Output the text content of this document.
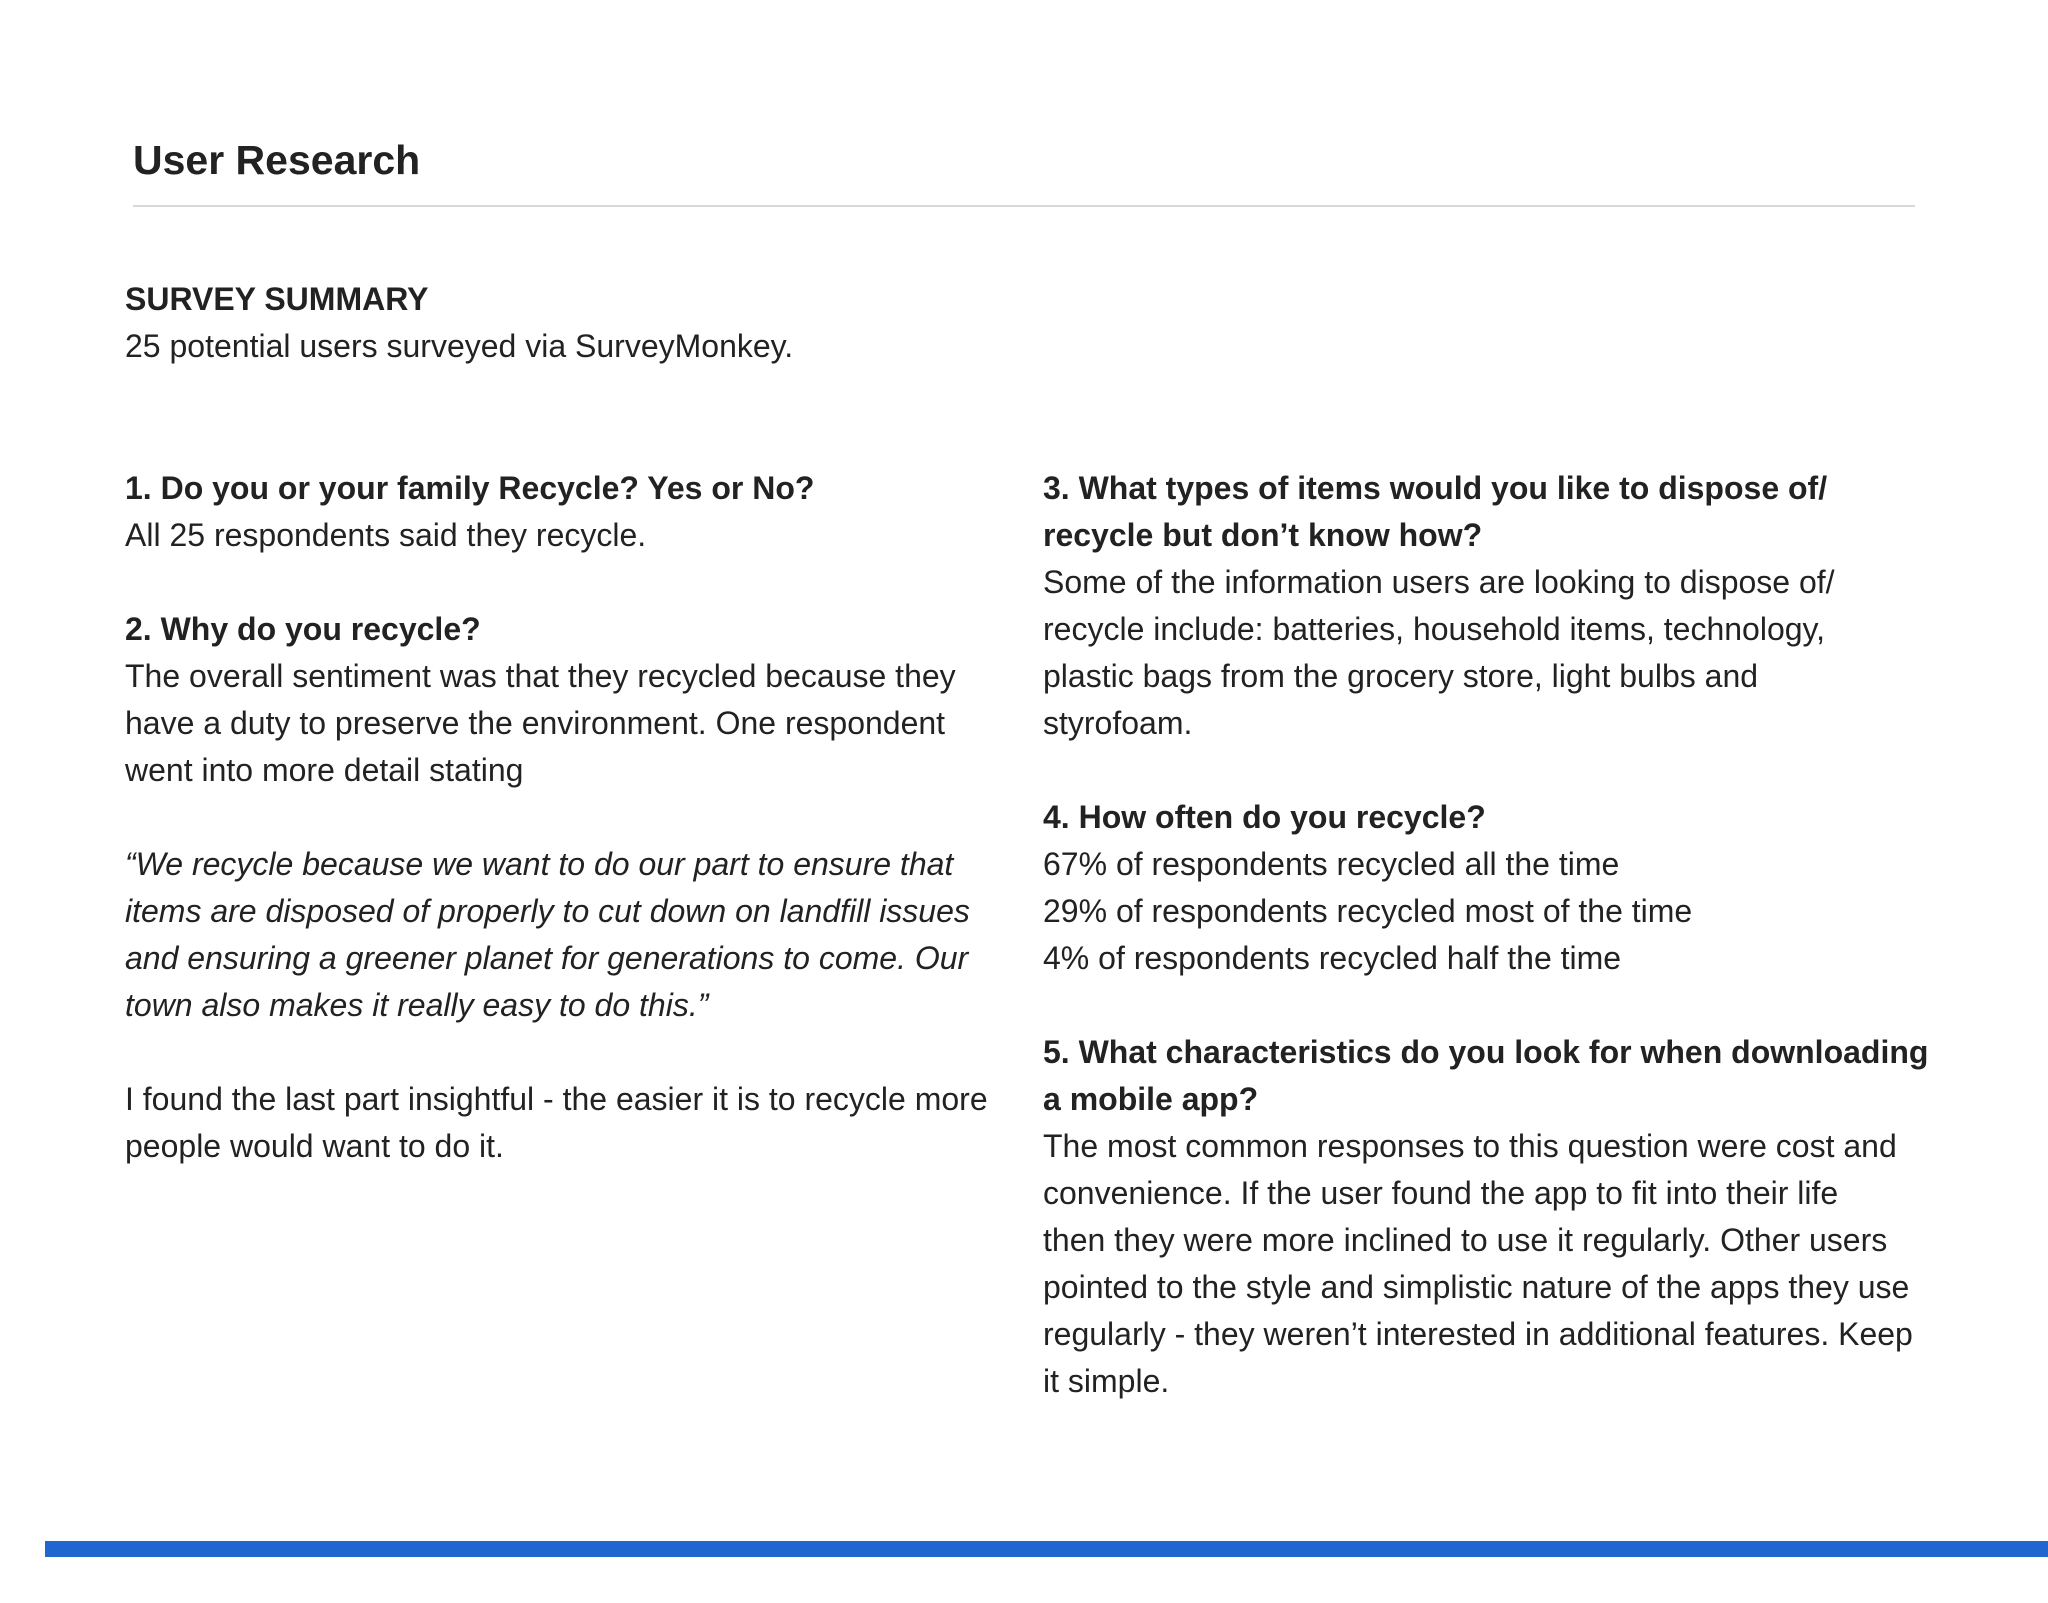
User Research

SURVEY SUMMARY

25 potential users surveyed via SurveyMonkey.

1. Do you or your family Recycle? Yes or No?

All 25 respondents said they recycle.

2. Why do you recycle?

The overall sentiment was that they recycled because they

have a duty to preserve the environment. One respondent

went into more detail stating

“We recycle because we want to do our part to ensure that

items are disposed of properly to cut down on landfill issues

and ensuring a greener planet for generations to come. Our

town also makes it really easy to do this.”

I found the last part insightful - the easier it is to recycle more

people would want to do it.

3. What types of items would you like to dispose of/

recycle but don’t know how?

Some of the information users are looking to dispose of/

recycle include: batteries, household items, technology,

plastic bags from the grocery store, light bulbs and

styrofoam.

4. How often do you recycle?

67% of respondents recycled all the time

29% of respondents recycled most of the time

4% of respondents recycled half the time

5. What characteristics do you look for when downloading

a mobile app?

The most common responses to this question were cost and

convenience. If the user found the app to fit into their life

then they were more inclined to use it regularly. Other users

pointed to the style and simplistic nature of the apps they use

regularly - they weren’t interested in additional features. Keep

it simple.
